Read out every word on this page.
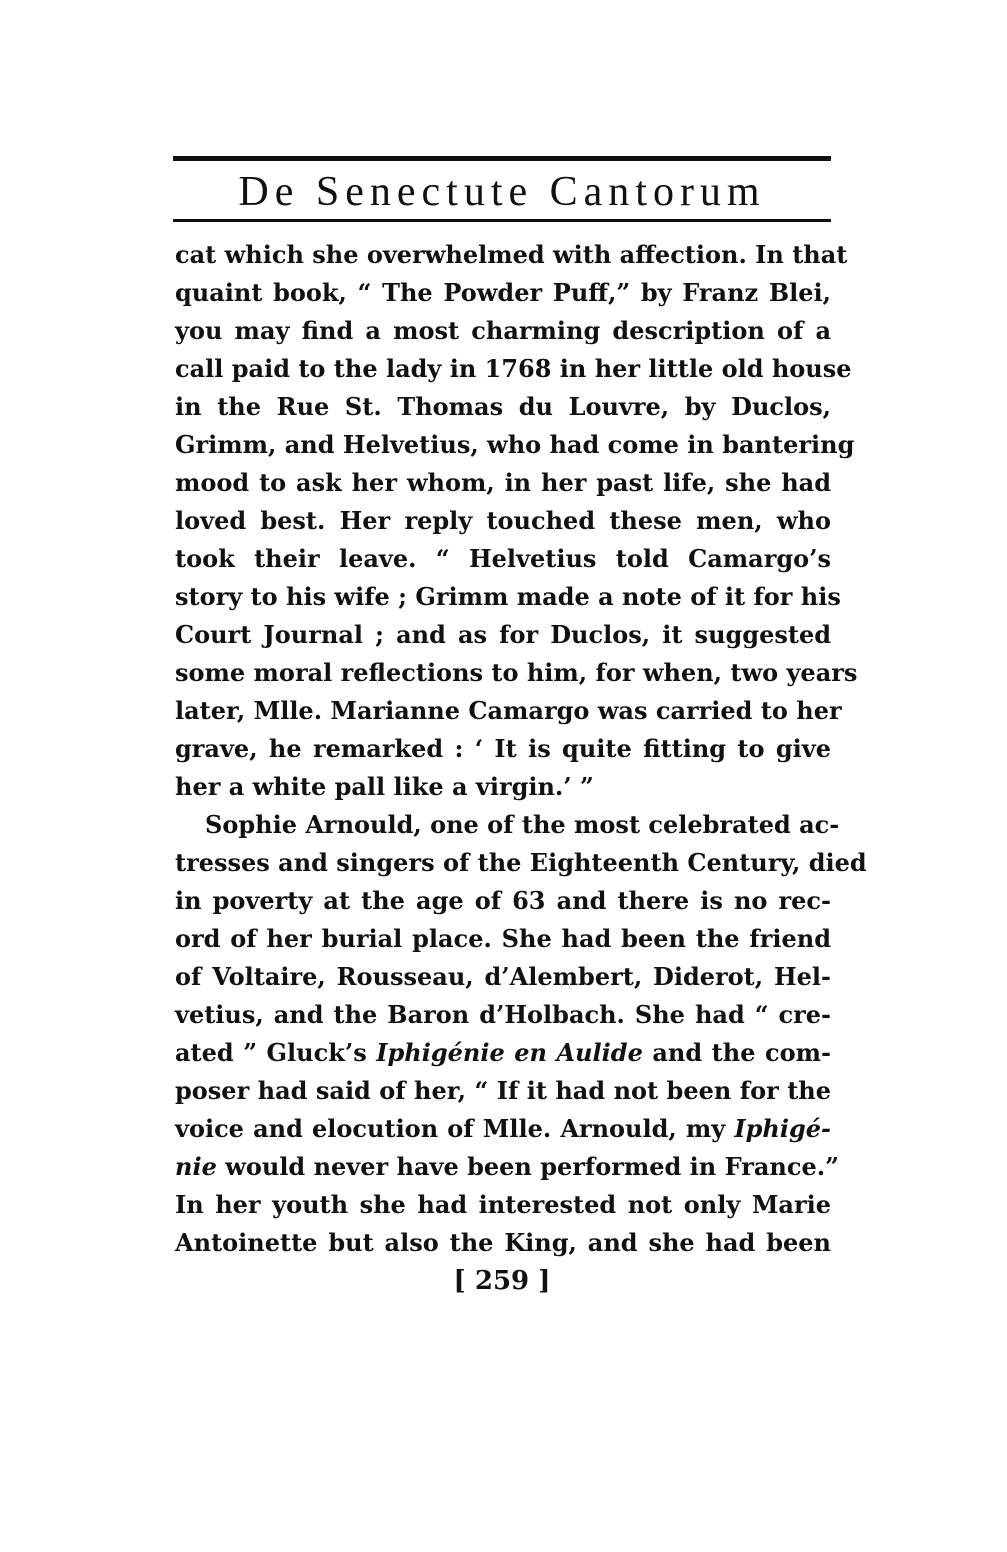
De Senectute Cantorum
cat which she overwhelmed with affection. In that
quaint book, “ The Powder Puff,” by Franz Blei,
you may find a most charming description of a
call paid to the lady in 1768 in her little old house
in the Rue St. Thomas du Louvre, by Duclos,
Grimm, and Helvetius, who had come in bantering
mood to ask her whom, in her past life, she had
loved best. Her reply touched these men, who
took their leave. “ Helvetius told Camargo’s
story to his wife ; Grimm made a note of it for his
Court Journal ; and as for Duclos, it suggested
some moral reflections to him, for when, two years
later, Mlle. Marianne Camargo was carried to her
grave, he remarked : ‘ It is quite fitting to give
her a white pall like a virgin.’ ”
Sophie Arnould, one of the most celebrated ac-
tresses and singers of the Eighteenth Century, died
in poverty at the age of 63 and there is no rec-
ord of her burial place. She had been the friend
of Voltaire, Rousseau, d’Alembert, Diderot, Hel-
vetius, and the Baron d’Holbach. She had “ cre-
ated ” Gluck’s Iphigénie en Aulide and the com-
poser had said of her, “ If it had not been for the
voice and elocution of Mlle. Arnould, my Iphigé-
nie would never have been performed in France.”
In her youth she had interested not only Marie
Antoinette but also the King, and she had been
[ 259 ]
